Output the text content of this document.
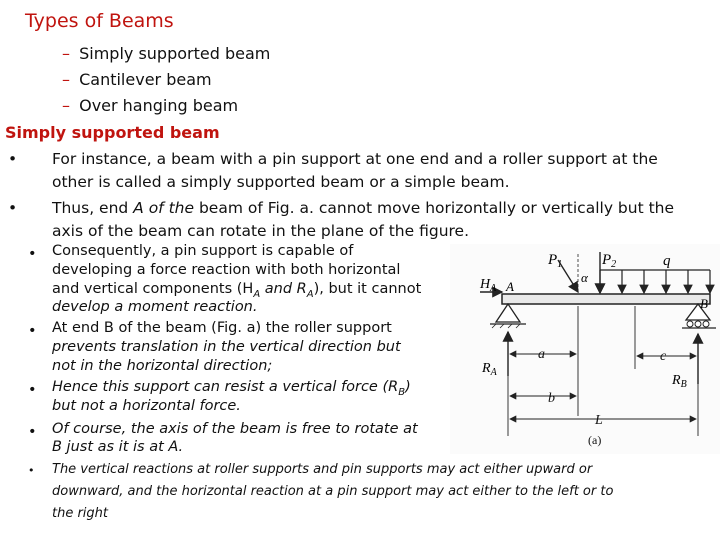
Types of Beams
– Simply supported beam
– Cantilever beam
– Over hanging beam
Simply supported beam
• For instance, a beam with a pin support at one end and a roller support at the
other is called a simply supported beam or a simple beam.
• Thus, end A of the beam of Fig. a. cannot move horizontally or vertically but the
axis of the beam can rotate in the plane of the figure.
• Consequently, a pin support is capable of
developing a force reaction with both horizontal
and vertical components ($H_A$ and $R_A$), but it cannot
develop a moment reaction.
• At end B of the beam (Fig. a) the roller support
prevents translation in the vertical direction but
not in the horizontal direction;
• Hence this support can resist a vertical force $(R_B)$
but not a horizontal force.
• Of course, the axis of the beam is free to rotate at
B just as it is at A.
• The vertical reactions at roller supports and pin supports may act either upward or
downward, and the horizontal reaction at a pin support may act either to the left or to
the right
q
$P_1$
α
$P_2$
$H_A$ A
B
$R_A$
$R_B$
a	c
b
L
(a)
